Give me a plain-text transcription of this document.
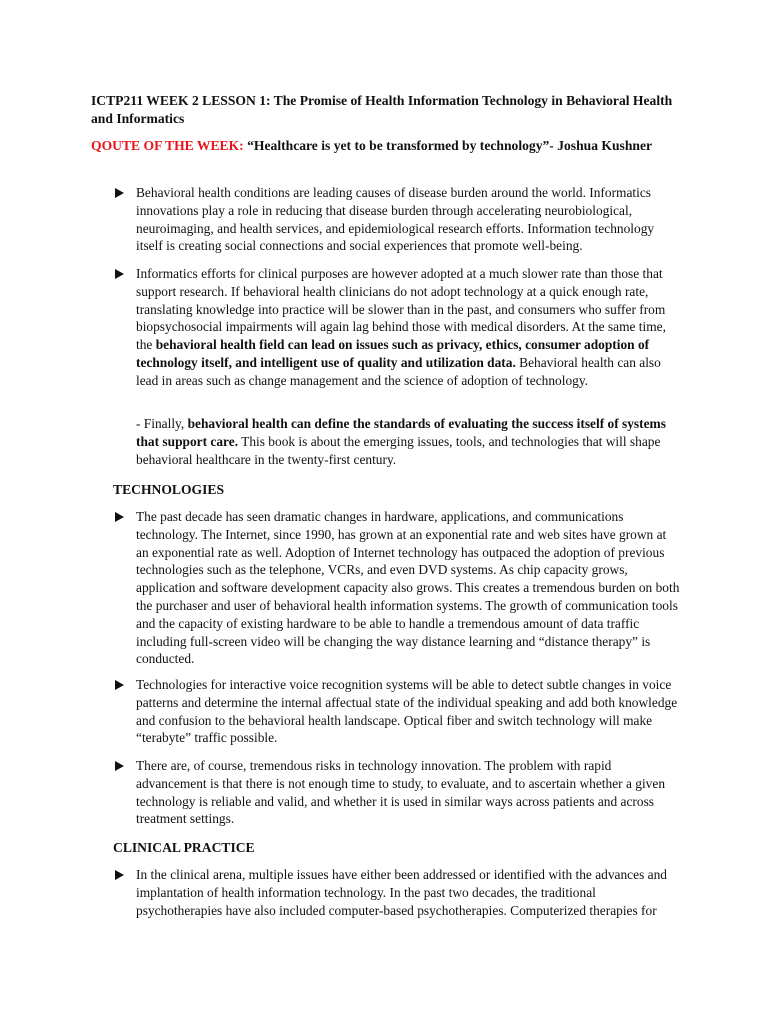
ICTP211 WEEK 2 LESSON 1: The Promise of Health Information Technology in Behavioral Health and Informatics
QOUTE OF THE WEEK: “Healthcare is yet to be transformed by technology”- Joshua Kushner
Behavioral health conditions are leading causes of disease burden around the world. Informatics innovations play a role in reducing that disease burden through accelerating neurobiological, neuroimaging, and health services, and epidemiological research efforts. Information technology itself is creating social connections and social experiences that promote well-being.
Informatics efforts for clinical purposes are however adopted at a much slower rate than those that support research. If behavioral health clinicians do not adopt technology at a quick enough rate, translating knowledge into practice will be slower than in the past, and consumers who suffer from biopsychosocial impairments will again lag behind those with medical disorders. At the same time, the behavioral health field can lead on issues such as privacy, ethics, consumer adoption of technology itself, and intelligent use of quality and utilization data. Behavioral health can also lead in areas such as change management and the science of adoption of technology.
- Finally, behavioral health can define the standards of evaluating the success itself of systems that support care. This book is about the emerging issues, tools, and technologies that will shape behavioral healthcare in the twenty-first century.
TECHNOLOGIES
The past decade has seen dramatic changes in hardware, applications, and communications technology. The Internet, since 1990, has grown at an exponential rate and web sites have grown at an exponential rate as well. Adoption of Internet technology has outpaced the adoption of previous technologies such as the telephone, VCRs, and even DVD systems. As chip capacity grows, application and software development capacity also grows. This creates a tremendous burden on both the purchaser and user of behavioral health information systems. The growth of communication tools and the capacity of existing hardware to be able to handle a tremendous amount of data traffic including full-screen video will be changing the way distance learning and “distance therapy” is conducted.
Technologies for interactive voice recognition systems will be able to detect subtle changes in voice patterns and determine the internal affectual state of the individual speaking and add both knowledge and confusion to the behavioral health landscape. Optical fiber and switch technology will make “terabyte” traffic possible.
There are, of course, tremendous risks in technology innovation. The problem with rapid advancement is that there is not enough time to study, to evaluate, and to ascertain whether a given technology is reliable and valid, and whether it is used in similar ways across patients and across treatment settings.
CLINICAL PRACTICE
In the clinical arena, multiple issues have either been addressed or identified with the advances and implantation of health information technology. In the past two decades, the traditional psychotherapies have also included computer-based psychotherapies. Computerized therapies for
